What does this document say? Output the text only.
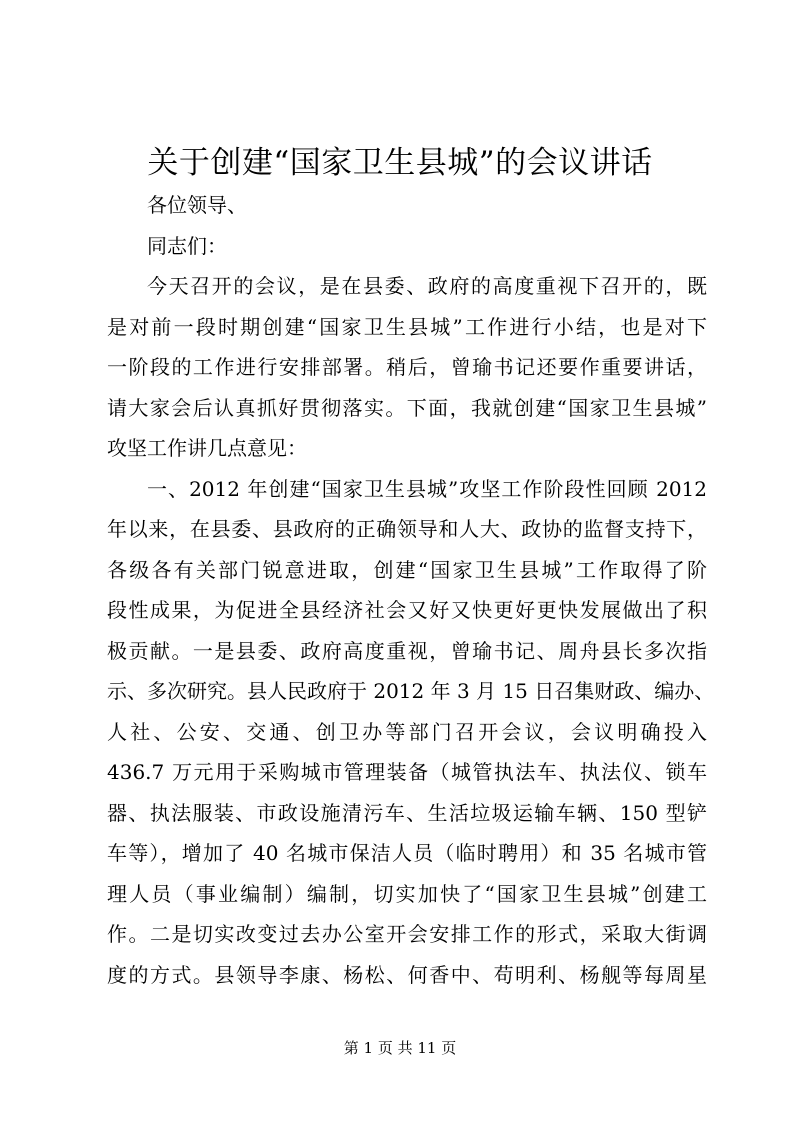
关于创建“国家卫生县城”的会议讲话
各位领导、
同志们：
今天召开的会议，是在县委、政府的高度重视下召开的，既
是对前一段时期创建“国家卫生县城”工作进行小结，也是对下
一阶段的工作进行安排部署。稍后，曾瑜书记还要作重要讲话，
请大家会后认真抓好贯彻落实。下面，我就创建“国家卫生县城”
攻坚工作讲几点意见：
一、2012 年创建“国家卫生县城”攻坚工作阶段性回顾 2012
年以来，在县委、县政府的正确领导和人大、政协的监督支持下，
各级各有关部门锐意进取，创建“国家卫生县城”工作取得了阶
段性成果，为促进全县经济社会又好又快更好更快发展做出了积
极贡献。一是县委、政府高度重视，曾瑜书记、周舟县长多次指
示、多次研究。县人民政府于 2012 年 3 月 15 日召集财政、编办、
人社、公安、交通、创卫办等部门召开会议，会议明确投入
436.7 万元用于采购城市管理装备（城管执法车、执法仪、锁车
器、执法服装、市政设施清污车、生活垃圾运输车辆、150 型铲
车等），增加了 40 名城市保洁人员（临时聘用）和 35 名城市管
理人员（事业编制）编制，切实加快了“国家卫生县城”创建工
作。二是切实改变过去办公室开会安排工作的形式，采取大街调
度的方式。县领导李康、杨松、何香中、苟明利、杨舰等每周星
第 1 页 共 11 页
